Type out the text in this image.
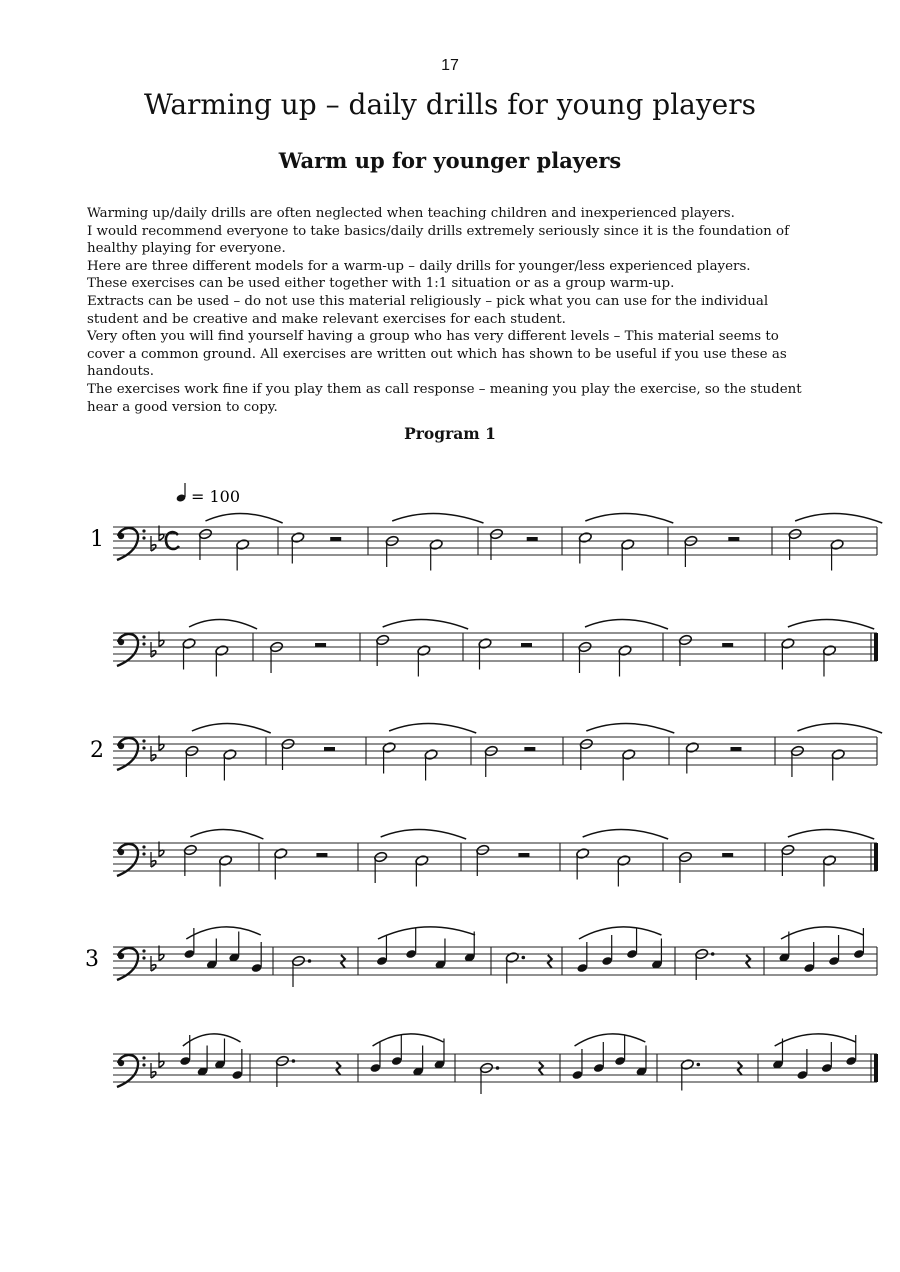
17
Warming up – daily drills for young players
Warm up for younger players

Warming up/daily drills are often neglected when teaching children and inexperienced players.

I would recommend everyone to take basics/daily drills extremely seriously since it is the foundation of healthy playing for everyone.

Here are three different models for a warm-up – daily drills for younger/less experienced players.

These exercises can be used either together with 1:1 situation or as a group warm-up.

Extracts can be used – do not use this material religiously – pick what you can use for the individual student and be creative and make relevant exercises for each student.

Very often you will find yourself having a group who has very different levels – This material seems to cover a common ground. All exercises are written out which has shown to be useful if you use these as handouts.

The exercises work fine if you play them as call response – meaning you play the exercise, so the student hear a good version to copy.

Program 1
= 100
1
2
3
